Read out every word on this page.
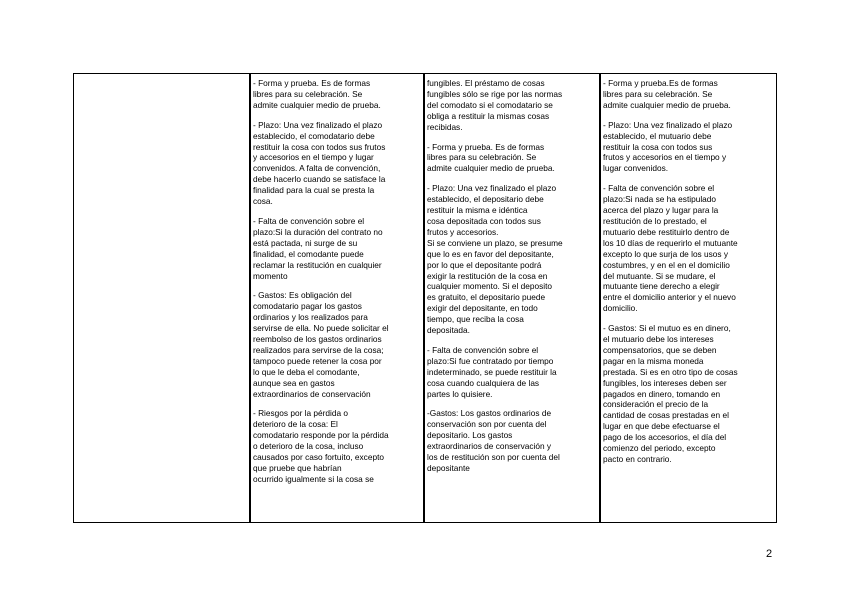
- Forma y prueba. Es de formas
libres para su celebración. Se
admite cualquier medio de prueba.
- Plazo: Una vez finalizado el plazo
establecido, el comodatario debe
restituir la cosa con todos sus frutos
y accesorios en el tiempo y lugar
convenidos. A falta de convención,
debe hacerlo cuando se satisface la
finalidad para la cual se presta la
cosa.
- Falta de convención sobre el
plazo:Si la duración del contrato no
está pactada, ni surge de su
finalidad, el comodante puede
reclamar la restitución en cualquier
momento
- Gastos: Es obligación del
comodatario pagar los gastos
ordinarios y los realizados para
servirse de ella. No puede solicitar el
reembolso de los gastos ordinarios
realizados para servirse de la cosa;
tampoco puede retener la cosa por
lo que le deba el comodante,
aunque sea en gastos
extraordinarios de conservación
- Riesgos por la pérdida o
deterioro de la cosa: El
comodatario responde por la pérdida
o deterioro de la cosa, incluso
causados por caso fortuito, excepto
que pruebe que habrían
ocurrido igualmente si la cosa se
fungibles. El préstamo de cosas
fungibles sólo se rige por las normas
del comodato si el comodatario se
obliga a restituir la mismas cosas
recibidas.
- Forma y prueba. Es de formas
libres para su celebración. Se
admite cualquier medio de prueba.
- Plazo: Una vez finalizado el plazo
establecido, el depositario debe
restituir la misma e idéntica
cosa depositada con todos sus
frutos y accesorios.
Si se conviene un plazo, se presume
que lo es en favor del depositante,
por lo que el depositante podrá
exigir la restitución de la cosa en
cualquier momento. Si el deposito
es gratuito, el depositario puede
exigir del depositante, en todo
tiempo, que reciba la cosa
depositada.
- Falta de convención sobre el
plazo:Si fue contratado por tiempo
indeterminado, se puede restituir la
cosa cuando cualquiera de las
partes lo quisiere.
-Gastos: Los gastos ordinarios de
conservación son por cuenta del
depositario. Los gastos
extraordinarios de conservación y
los de restitución son por cuenta del
depositante
- Forma y prueba.Es de formas
libres para su celebración. Se
admite cualquier medio de prueba.
- Plazo: Una vez finalizado el plazo
establecido, el mutuario debe
restituir la cosa con todos sus
frutos y accesorios en el tiempo y
lugar convenidos.
- Falta de convención sobre el
plazo:Si nada se ha estipulado
acerca del plazo y lugar para la
restitución de lo prestado, el
mutuario debe restituirlo dentro de
los 10 días de requerirlo el mutuante
excepto lo que surja de los usos y
costumbres, y en el en el domicilio
del mutuante. Si se mudare, el
mutuante tiene derecho a elegir
entre el domicilio anterior y el nuevo
domicilio.
- Gastos: Si el mutuo es en dinero,
el mutuario debe los intereses
compensatorios, que se deben
pagar en la misma moneda
prestada. Si es en otro tipo de cosas
fungibles, los intereses deben ser
pagados en dinero, tomando en
consideración el precio de la
cantidad de cosas prestadas en el
lugar en que debe efectuarse el
pago de los accesorios, el día del
comienzo del periodo, excepto
pacto en contrario.
2
